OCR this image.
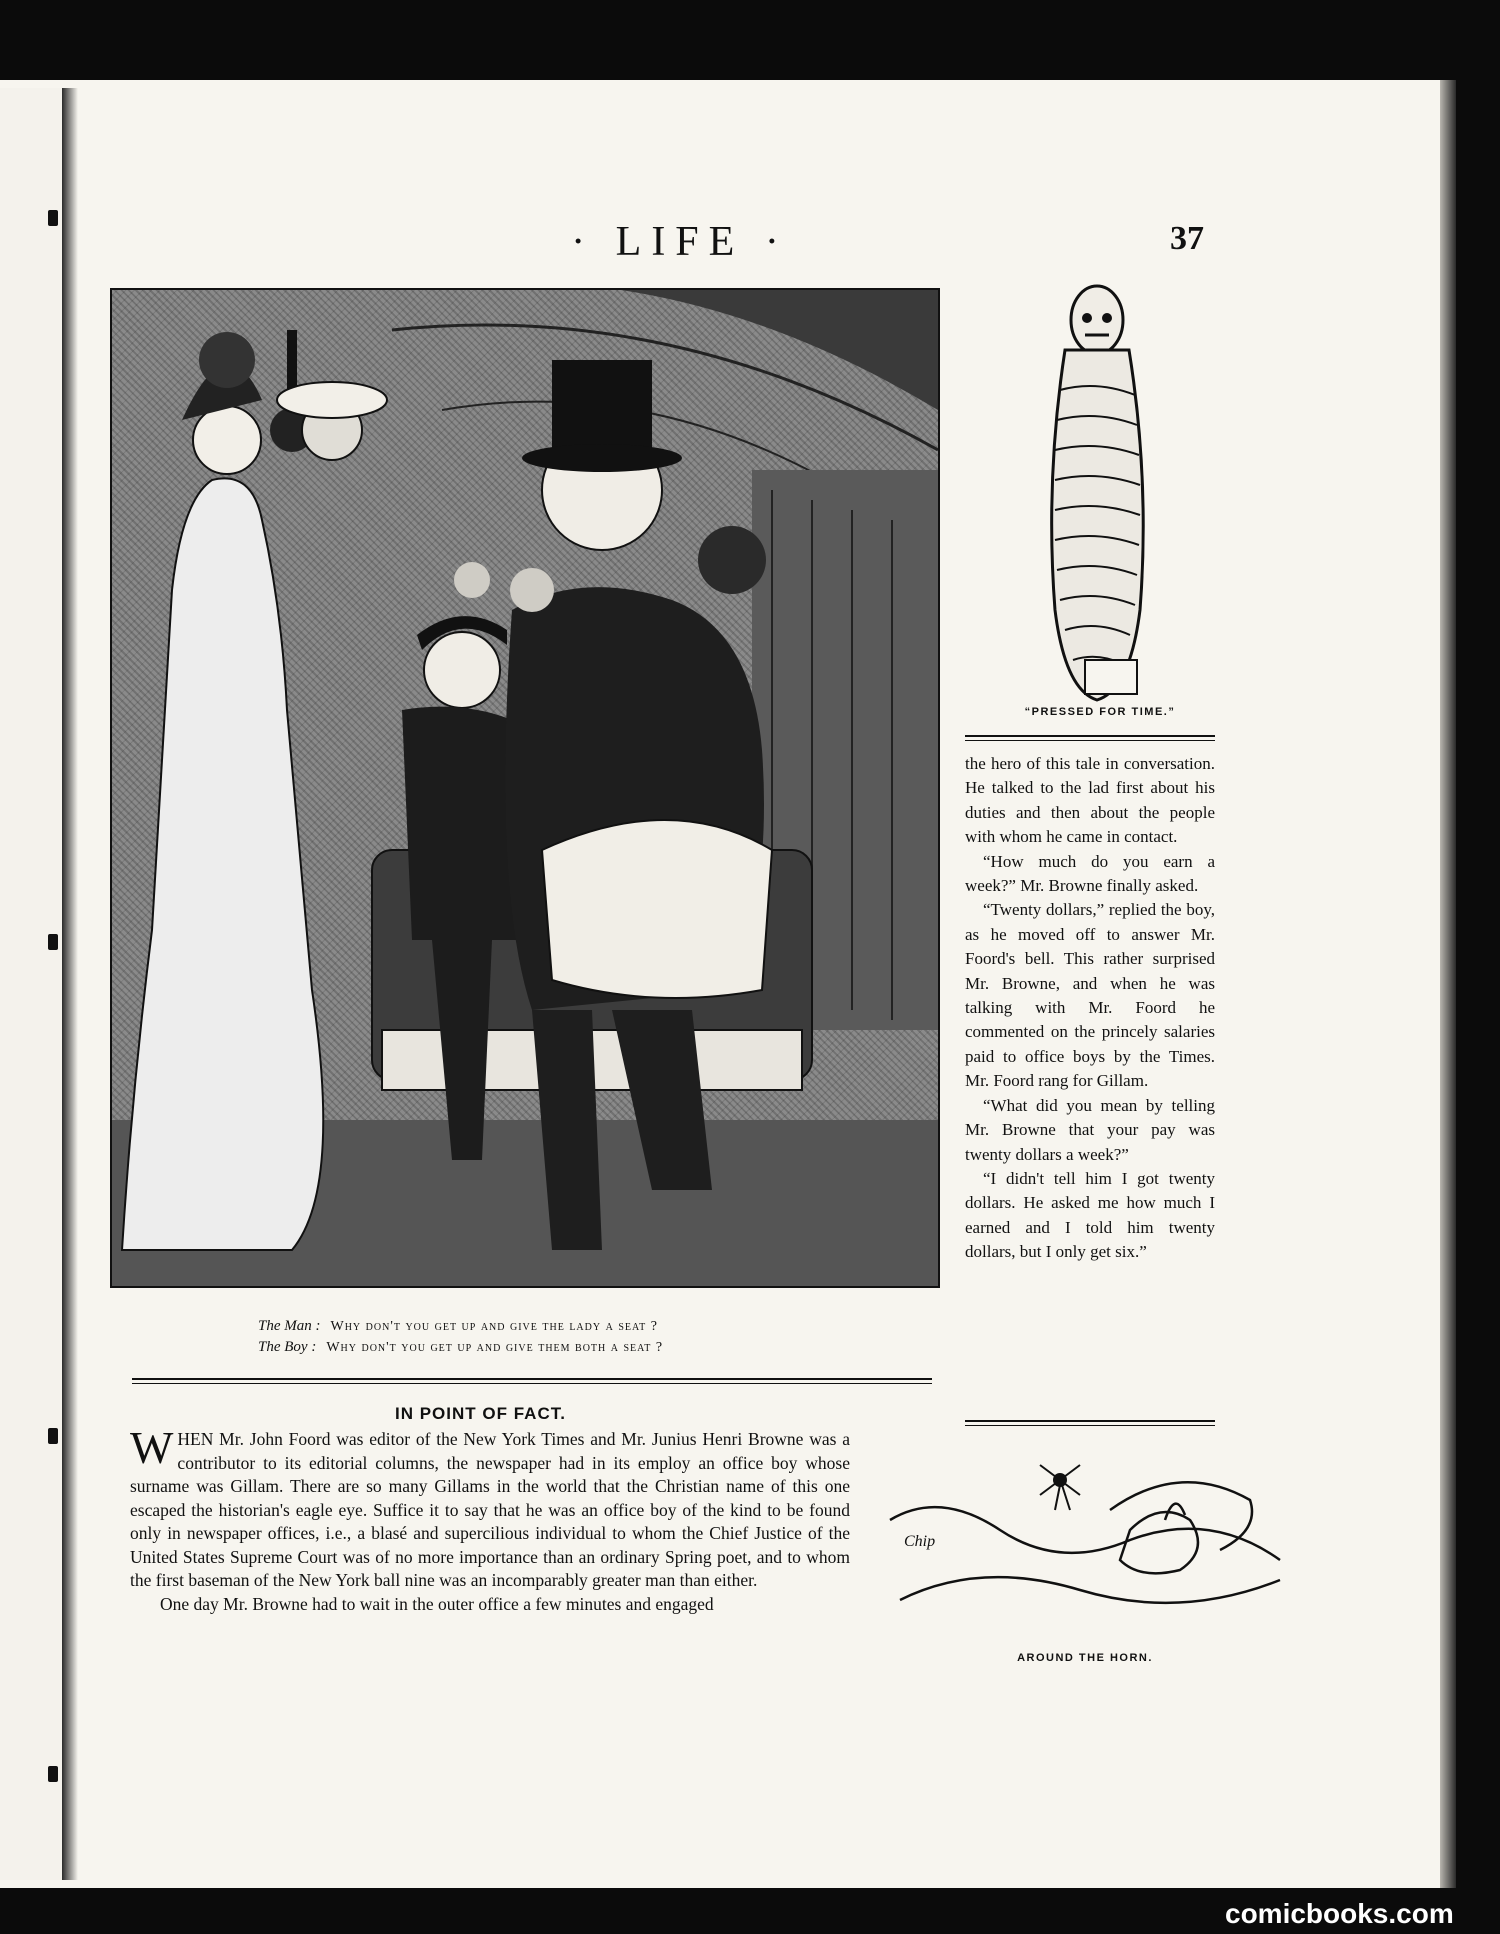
· LIFE ·	37
The Man : Why don't you get up and give the lady a seat ?
The Boy : Why don't you get up and give them both a seat ?
IN POINT OF FACT.

WHEN Mr. John Foord was editor of the New York Times and Mr. Junius Henri Browne was a contributor to its editorial columns, the newspaper had in its employ an office boy whose surname was Gillam. There are so many Gillams in the world that the Christian name of this one escaped the historian's eagle eye. Suffice it to say that he was an office boy of the kind to be found only in newspaper offices, i.e., a blasé and supercilious individual to whom the Chief Justice of the United States Supreme Court was of no more importance than an ordinary Spring poet, and to whom the first baseman of the New York ball nine was an incomparably greater man than either.

One day Mr. Browne had to wait in the outer office a few minutes and engaged

“PRESSED FOR TIME.”

the hero of this tale in conversation. He talked to the lad first about his duties and then about the people with whom he came in contact.

“How much do you earn a week?” Mr. Browne finally asked.

“Twenty dollars,” replied the boy, as he moved off to answer Mr. Foord's bell. This rather surprised Mr. Browne, and when he was talking with Mr. Foord he commented on the princely salaries paid to office boys by the Times. Mr. Foord rang for Gillam.

“What did you mean by telling Mr. Browne that your pay was twenty dollars a week?”

“I didn't tell him I got twenty dollars. He asked me how much I earned and I told him twenty dollars, but I only get six.”

Chip
AROUND THE HORN.
comicbooks.com
